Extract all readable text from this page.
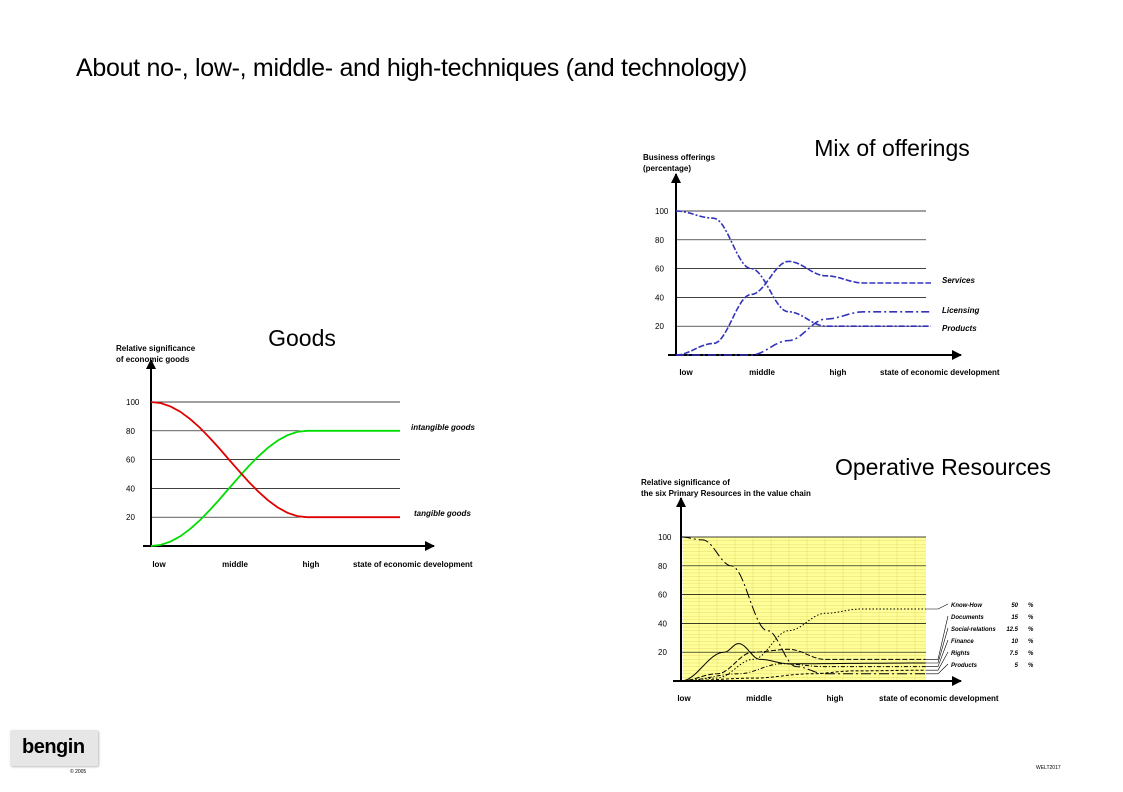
About no-, low-, middle- and high-techniques (and technology)
20
40
60
80
100
Goods
Relative significance
of economic goods
low	middle	high	state of economic development
intangible goods
tangible goods
20
40
60
80
100
Mix of offerings
Business offerings
(percentage)
low	middle	high	state of economic development
Services
Licensing
Products
20
40
60
80
100
Operative Resources
Relative significance of
the six Primary Resources in the value chain
low	middle	high	state of economic development
Know-How	50 %
Documents	15 %
Social-relations 12.5 %
Finance	10 %
Rights	7.5 %
Products	5 %
bengin
© 2005
WELT2017
